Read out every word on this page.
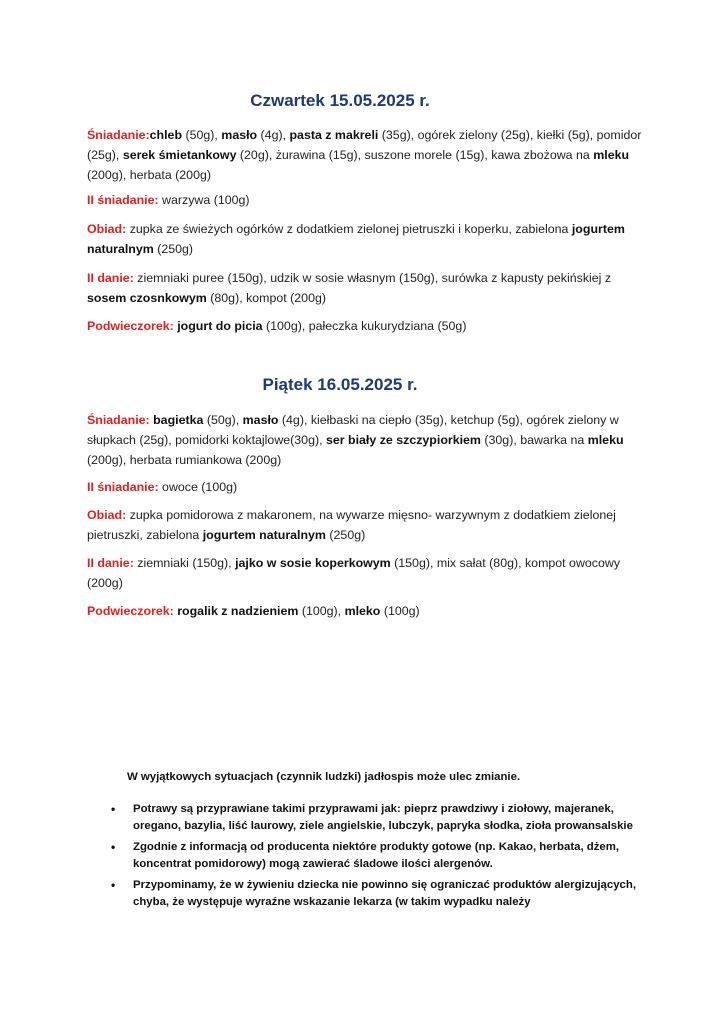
Czwartek 15.05.2025 r.

Śniadanie:chleb (50g), masło (4g), pasta z makreli (35g), ogórek zielony (25g), kiełki (5g), pomidor (25g), serek śmietankowy (20g), żurawina (15g), suszone morele (15g), kawa zbożowa na mleku (200g), herbata (200g)

II śniadanie: warzywa (100g)

Obiad: zupka ze świeżych ogórków z dodatkiem zielonej pietruszki i koperku, zabielona jogurtem naturalnym (250g)

II danie: ziemniaki puree (150g), udzik w sosie własnym (150g), surówka z kapusty pekińskiej z sosem czosnkowym (80g), kompot (200g)

Podwieczorek: jogurt do picia (100g), pałeczka kukurydziana (50g)

Piątek 16.05.2025 r.

Śniadanie: bagietka (50g), masło (4g), kiełbaski na ciepło (35g), ketchup (5g), ogórek zielony w słupkach (25g), pomidorki koktajlowe(30g), ser biały ze szczypiorkiem (30g), bawarka na mleku (200g), herbata rumiankowa (200g)

II śniadanie: owoce (100g)

Obiad: zupka pomidorowa z makaronem, na wywarze mięsno- warzywnym z dodatkiem zielonej pietruszki, zabielona jogurtem naturalnym (250g)

II danie: ziemniaki (150g), jajko w sosie koperkowym (150g), mix sałat (80g), kompot owocowy (200g)

Podwieczorek: rogalik z nadzieniem (100g), mleko (100g)

W wyjątkowych sytuacjach (czynnik ludzki) jadłospis może ulec zmianie.
• Potrawy są przyprawiane takimi przyprawami jak: pieprz prawdziwy i ziołowy, majeranek, oregano, bazylia, liść laurowy, ziele angielskie, lubczyk, papryka słodka, zioła prowansalskie
• Zgodnie z informacją od producenta niektóre produkty gotowe (np. Kakao, herbata, dżem, koncentrat pomidorowy) mogą zawierać śladowe ilości alergenów.
• Przypominamy, że w żywieniu dziecka nie powinno się ograniczać produktów alergizujących, chyba, że występuje wyraźne wskazanie lekarza (w takim wypadku należy
